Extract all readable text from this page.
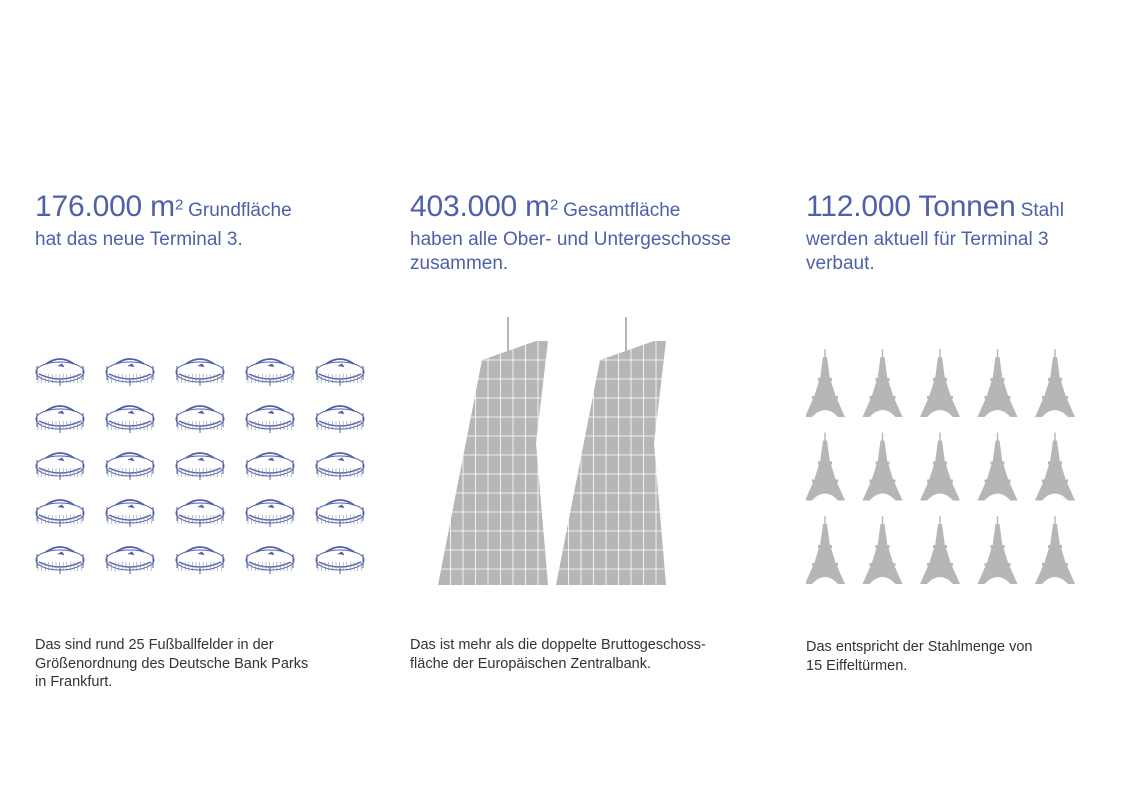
176.000 $m^2$ Grundfläche
hat das neue Terminal 3.
Das sind rund 25 Fußballfelder in der
Größenordnung des Deutsche Bank Parks
in Frankfurt.
403.000 $m^2$ Gesamtfläche
haben alle Ober- und Untergeschosse
zusammen.
Das ist mehr als die doppelte Bruttogeschoss-
fläche der Europäischen Zentralbank.
112.000 Tonnen Stahl
werden aktuell für Terminal 3
verbaut.
Das entspricht der Stahlmenge von
15 Eiffeltürmen.
